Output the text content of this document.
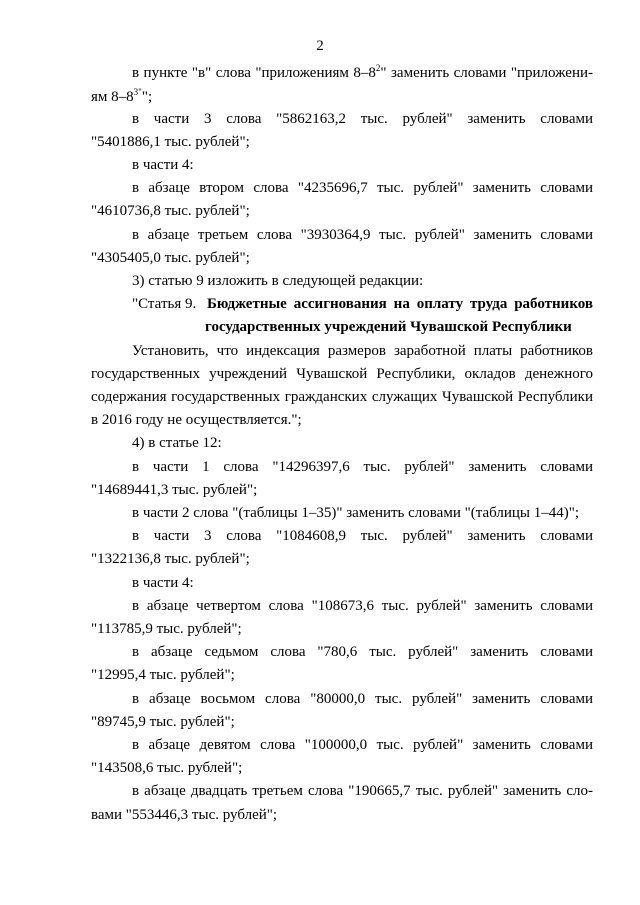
2
в пункте "в" слова "приложениям $8-8^2$" заменить словами "приложени-
ям $8-8^{3"}$";
в части 3 слова "5862163,2 тыс. рублей" заменить словами
"5401886,1 тыс. рублей";
в части 4:
в абзаце втором слова "4235696,7 тыс. рублей" заменить словами
"4610736,8 тыс. рублей";
в абзаце третьем слова "3930364,9 тыс. рублей" заменить словами
"4305405,0 тыс. рублей";
3) статью 9 изложить в следующей редакции:
"Статья 9. Бюджетные ассигнования на оплату труда работников
государственных учреждений Чувашской Республики
Установить, что индексация размеров заработной платы работников
государственных учреждений Чувашской Республики, окладов денежного
содержания государственных гражданских служащих Чувашской Республики
в 2016 году не осуществляется.";
4) в статье 12:
в части 1 слова "14296397,6 тыс. рублей" заменить словами
"14689441,3 тыс. рублей";
в части 2 слова "(таблицы 1–35)" заменить словами "(таблицы 1–44)";
в части 3 слова "1084608,9 тыс. рублей" заменить словами
"1322136,8 тыс. рублей";
в части 4:
в абзаце четвертом слова "108673,6 тыс. рублей" заменить словами
"113785,9 тыс. рублей";
в абзаце седьмом слова "780,6 тыс. рублей" заменить словами
"12995,4 тыс. рублей";
в абзаце восьмом слова "80000,0 тыс. рублей" заменить словами
"89745,9 тыс. рублей";
в абзаце девятом слова "100000,0 тыс. рублей" заменить словами
"143508,6 тыс. рублей";
в абзаце двадцать третьем слова "190665,7 тыс. рублей" заменить сло-
вами "553446,3 тыс. рублей";
